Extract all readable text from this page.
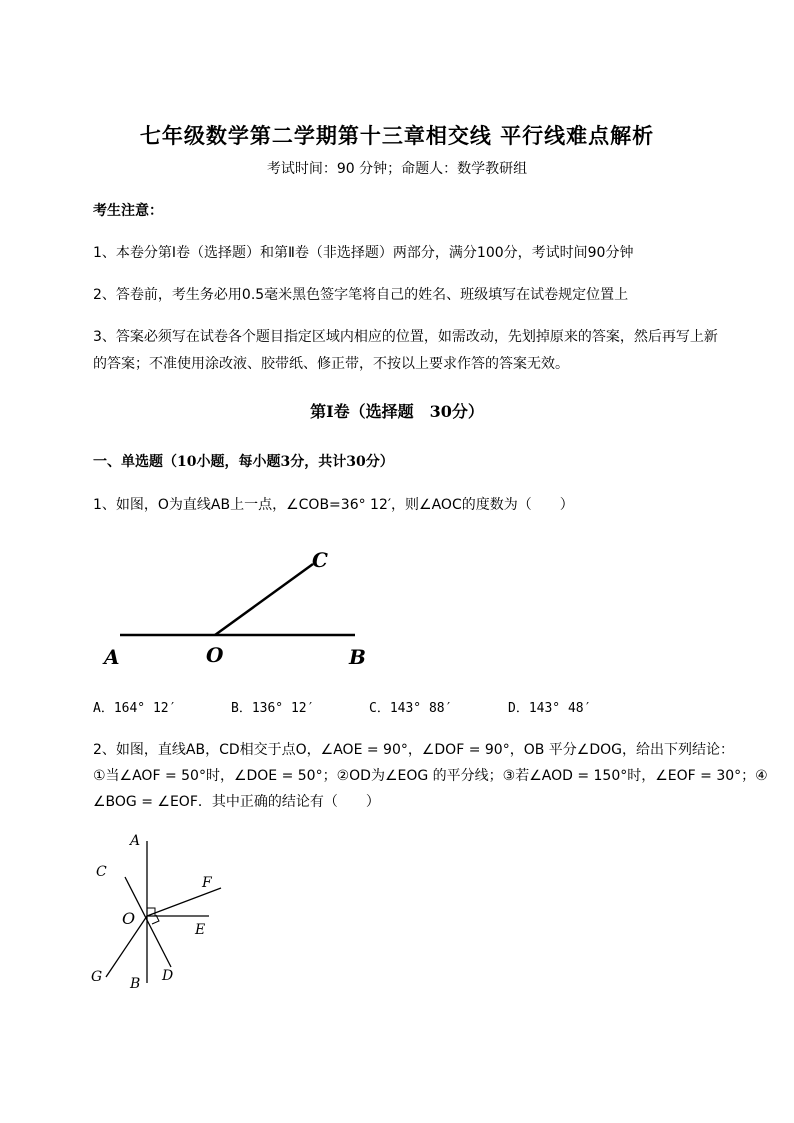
七年级数学第二学期第十三章相交线 平行线难点解析
考试时间：90 分钟；命题人：数学教研组
考生注意：
1、本卷分第Ⅰ卷（选择题）和第Ⅱ卷（非选择题）两部分，满分100分，考试时间90分钟
2、答卷前，考生务必用0.5毫米黑色签字笔将自己的姓名、班级填写在试卷规定位置上
3、答案必须写在试卷各个题目指定区域内相应的位置，如需改动，先划掉原来的答案，然后再写上新
的答案；不准使用涂改液、胶带纸、修正带，不按以上要求作答的答案无效。
第Ⅰ卷（选择题　30分）
一、单选题（10小题，每小题3分，共计30分）
1、如图，O为直线AB上一点，∠COB=36° 12′，则∠AOC的度数为（　　）
A	O	B
C
A．164° 12′	B．136° 12′	C．143° 88′	D．143° 48′
2、如图，直线AB，CD相交于点O，∠AOE = 90°，∠DOF = 90°，OB 平分∠DOG，给出下列结论：
①当∠AOF = 50°时，∠DOE = 50°；②OD为∠EOG 的平分线；③若∠AOD = 150°时，∠EOF = 30°；④
∠BOG = ∠EOF．其中正确的结论有（　　）
A
C
F
O
E
G B D
